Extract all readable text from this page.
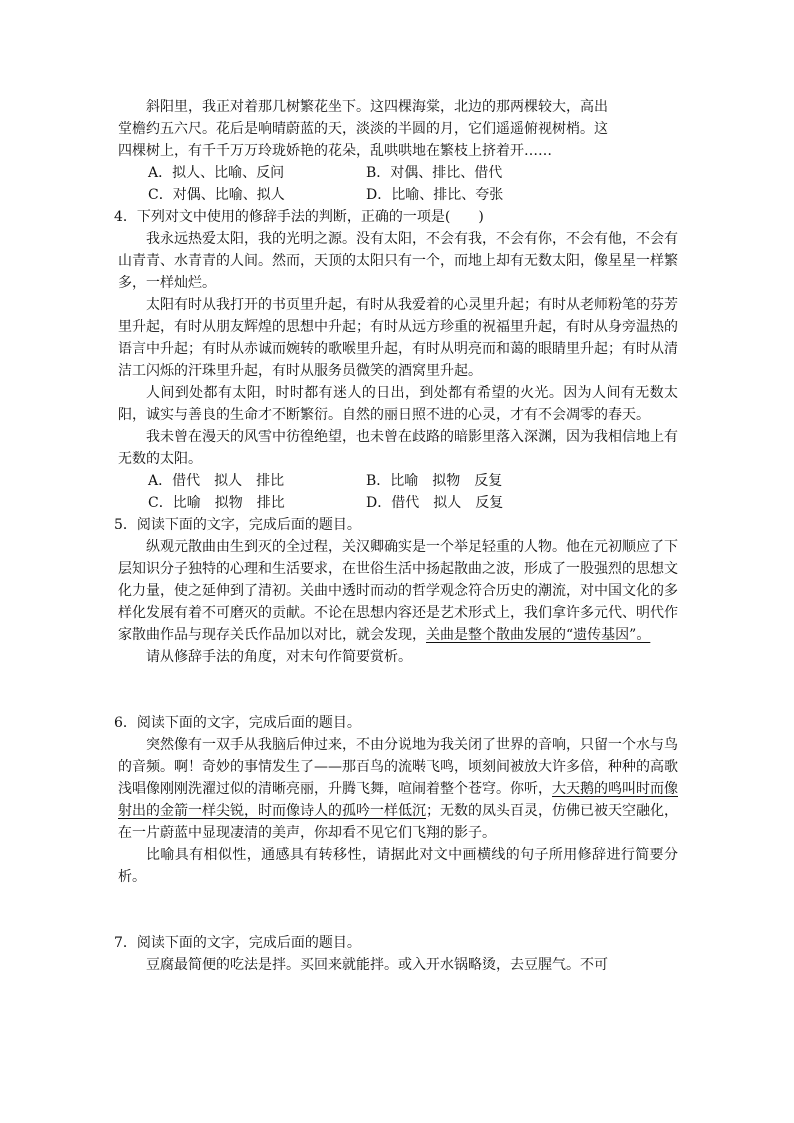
斜阳里，我正对着那几树繁花坐下。这四棵海棠，北边的那两棵较大，高出

堂檐约五六尺。花后是响晴蔚蓝的天，淡淡的半圆的月，它们遥遥俯视树梢。这

四棵树上，有千千万万玲珑娇艳的花朵，乱哄哄地在繁枝上挤着开……

A．拟人、比喻、反问	B．对偶、排比、借代
C．对偶、比喻、拟人	D．比喻、排比、夸张

4．下列对文中使用的修辞手法的判断，正确的一项是(　　)

我永远热爱太阳，我的光明之源。没有太阳，不会有我，不会有你，不会有他，不会有山青青、水青青的人间。然而，天顶的太阳只有一个，而地上却有无数太阳，像星星一样繁多，一样灿烂。

太阳有时从我打开的书页里升起，有时从我爱着的心灵里升起；有时从老师粉笔的芬芳里升起，有时从朋友辉煌的思想中升起；有时从远方珍重的祝福里升起，有时从身旁温热的语言中升起；有时从赤诚而婉转的歌喉里升起，有时从明亮而和蔼的眼睛里升起；有时从清洁工闪烁的汗珠里升起，有时从服务员微笑的酒窝里升起。

人间到处都有太阳，时时都有迷人的日出，到处都有希望的火光。因为人间有无数太阳，诚实与善良的生命才不断繁衍。自然的丽日照不进的心灵，才有不会凋零的春天。

我未曾在漫天的风雪中彷徨绝望，也未曾在歧路的暗影里落入深渊，因为我相信地上有无数的太阳。

A．借代　拟人　排比	B．比喻　拟物　反复
C．比喻　拟物　排比	D．借代　拟人　反复

5．阅读下面的文字，完成后面的题目。

纵观元散曲由生到灭的全过程，关汉卿确实是一个举足轻重的人物。他在元初顺应了下层知识分子独特的心理和生活要求，在世俗生活中扬起散曲之波，形成了一股强烈的思想文化力量，使之延伸到了清初。关曲中透时而动的哲学观念符合历史的潮流，对中国文化的多样化发展有着不可磨灭的贡献。不论在思想内容还是艺术形式上，我们拿许多元代、明代作家散曲作品与现存关氏作品加以对比，就会发现，关曲是整个散曲发展的“遗传基因”。

请从修辞手法的角度，对末句作简要赏析。

6．阅读下面的文字，完成后面的题目。

突然像有一双手从我脑后伸过来，不由分说地为我关闭了世界的音响，只留一个水与鸟的音频。啊！奇妙的事情发生了——那百鸟的流啭飞鸣，顷刻间被放大许多倍，种种的高歌浅唱像刚刚洗濯过似的清晰亮丽，升腾飞舞，喧闹着整个苍穹。你听，大天鹅的鸣叫时而像射出的金箭一样尖锐，时而像诗人的孤吟一样低沉；无数的凤头百灵，仿佛已被天空融化，在一片蔚蓝中显现凄清的美声，你却看不见它们飞翔的影子。

比喻具有相似性，通感具有转移性，请据此对文中画横线的句子所用修辞进行简要分析。

7．阅读下面的文字，完成后面的题目。

豆腐最简便的吃法是拌。买回来就能拌。或入开水锅略烫，去豆腥气。不可
